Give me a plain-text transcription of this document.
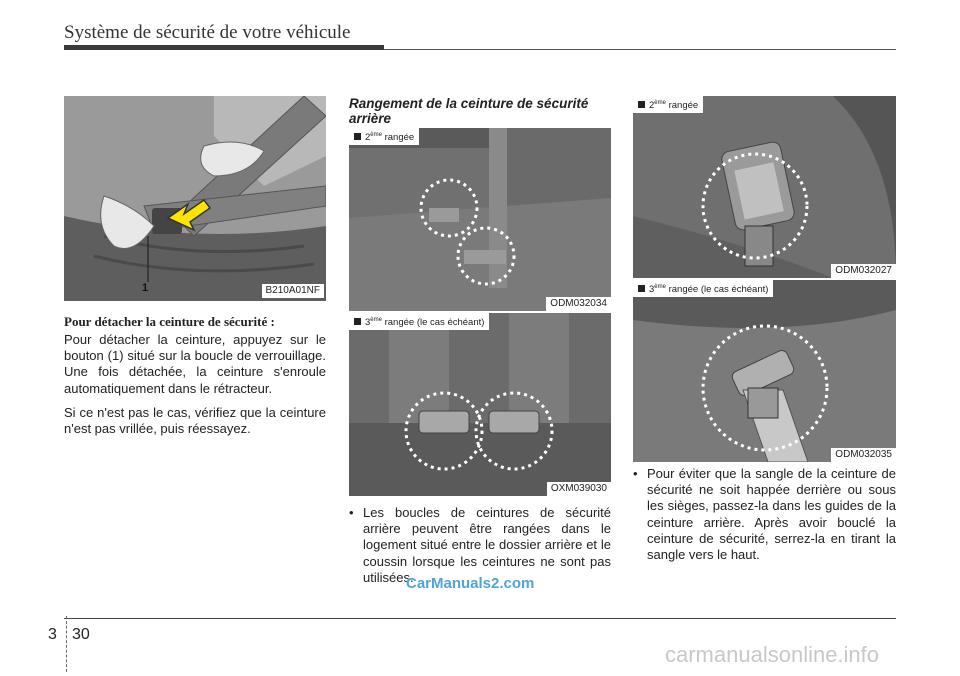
Système de sécurité de votre véhicule
1	B210A01NF
Pour détacher la ceinture de sécurité :
Pour détacher la ceinture, appuyez sur le bouton (1) situé sur la boucle de verrouillage. Une fois détachée, la ceinture s'enroule automatiquement dans le rétracteur.
Si ce n'est pas le cas, vérifiez que la ceinture n'est pas vrillée, puis réessayez.
Rangement de la ceinture de sécurité arrière
2ème rangée
ODM032034
3ème rangée (le cas échéant)
OXM039030
• Les boucles de ceintures de sécurité arrière peuvent être rangées dans le logement situé entre le dossier arrière et le coussin lorsque les ceintures ne sont pas utilisées.
2ème rangée
ODM032027
3ème rangée (le cas échéant)
ODM032035
• Pour éviter que la sangle de la ceinture de sécurité ne soit happée derrière ou sous les sièges, passez-la dans les guides de la ceinture arrière. Après avoir bouclé la ceinture de sécurité, serrez-la en tirant la sangle vers le haut.
CarManuals2.com
3 30
carmanualsonline.info
